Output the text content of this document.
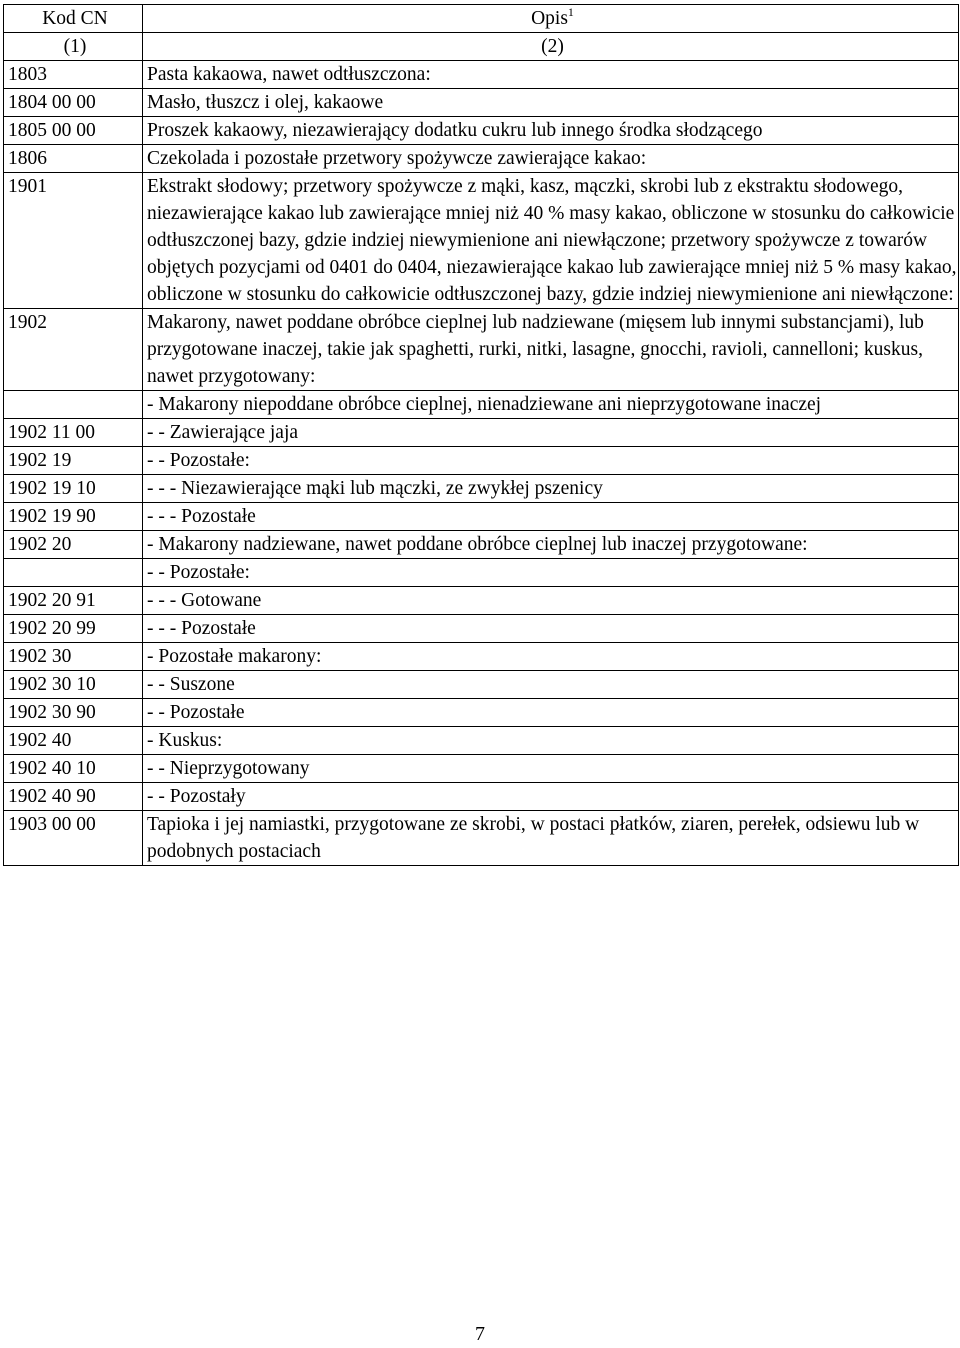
Kod CN	Opis$^1$
(1)	(2)
1803	Pasta kakaowa, nawet odtłuszczona:
1804 00 00	Masło, tłuszcz i olej, kakaowe
1805 00 00	Proszek kakaowy, niezawierający dodatku cukru lub innego środka słodzącego
1806	Czekolada i pozostałe przetwory spożywcze zawierające kakao:
1901	Ekstrakt słodowy; przetwory spożywcze z mąki, kasz, mączki, skrobi lub z ekstraktu słodowego, niezawierające kakao lub zawierające mniej niż 40 % masy kakao, obliczone w stosunku do całkowicie odtłuszczonej bazy, gdzie indziej niewymienione ani niewłączone; przetwory spożywcze z towarów objętych pozycjami od 0401 do 0404, niezawierające kakao lub zawierające mniej niż 5 % masy kakao, obliczone w stosunku do całkowicie odtłuszczonej bazy, gdzie indziej niewymienione ani niewłączone:
1902	Makarony, nawet poddane obróbce cieplnej lub nadziewane (mięsem lub innymi substancjami), lub przygotowane inaczej, takie jak spaghetti, rurki, nitki, lasagne, gnocchi, ravioli, cannelloni; kuskus, nawet przygotowany:
	- Makarony niepoddane obróbce cieplnej, nienadziewane ani nieprzygotowane inaczej
1902 11 00	- - Zawierające jaja
1902 19	- - Pozostałe:
1902 19 10	- - - Niezawierające mąki lub mączki, ze zwykłej pszenicy
1902 19 90	- - - Pozostałe
1902 20	- Makarony nadziewane, nawet poddane obróbce cieplnej lub inaczej przygotowane:
	- - Pozostałe:
1902 20 91	- - - Gotowane
1902 20 99	- - - Pozostałe
1902 30	- Pozostałe makarony:
1902 30 10	- - Suszone
1902 30 90	- - Pozostałe
1902 40	- Kuskus:
1902 40 10	- - Nieprzygotowany
1902 40 90	- - Pozostały
1903 00 00	Tapioka i jej namiastki, przygotowane ze skrobi, w postaci płatków, ziaren, perełek, odsiewu lub w podobnych postaciach
7
